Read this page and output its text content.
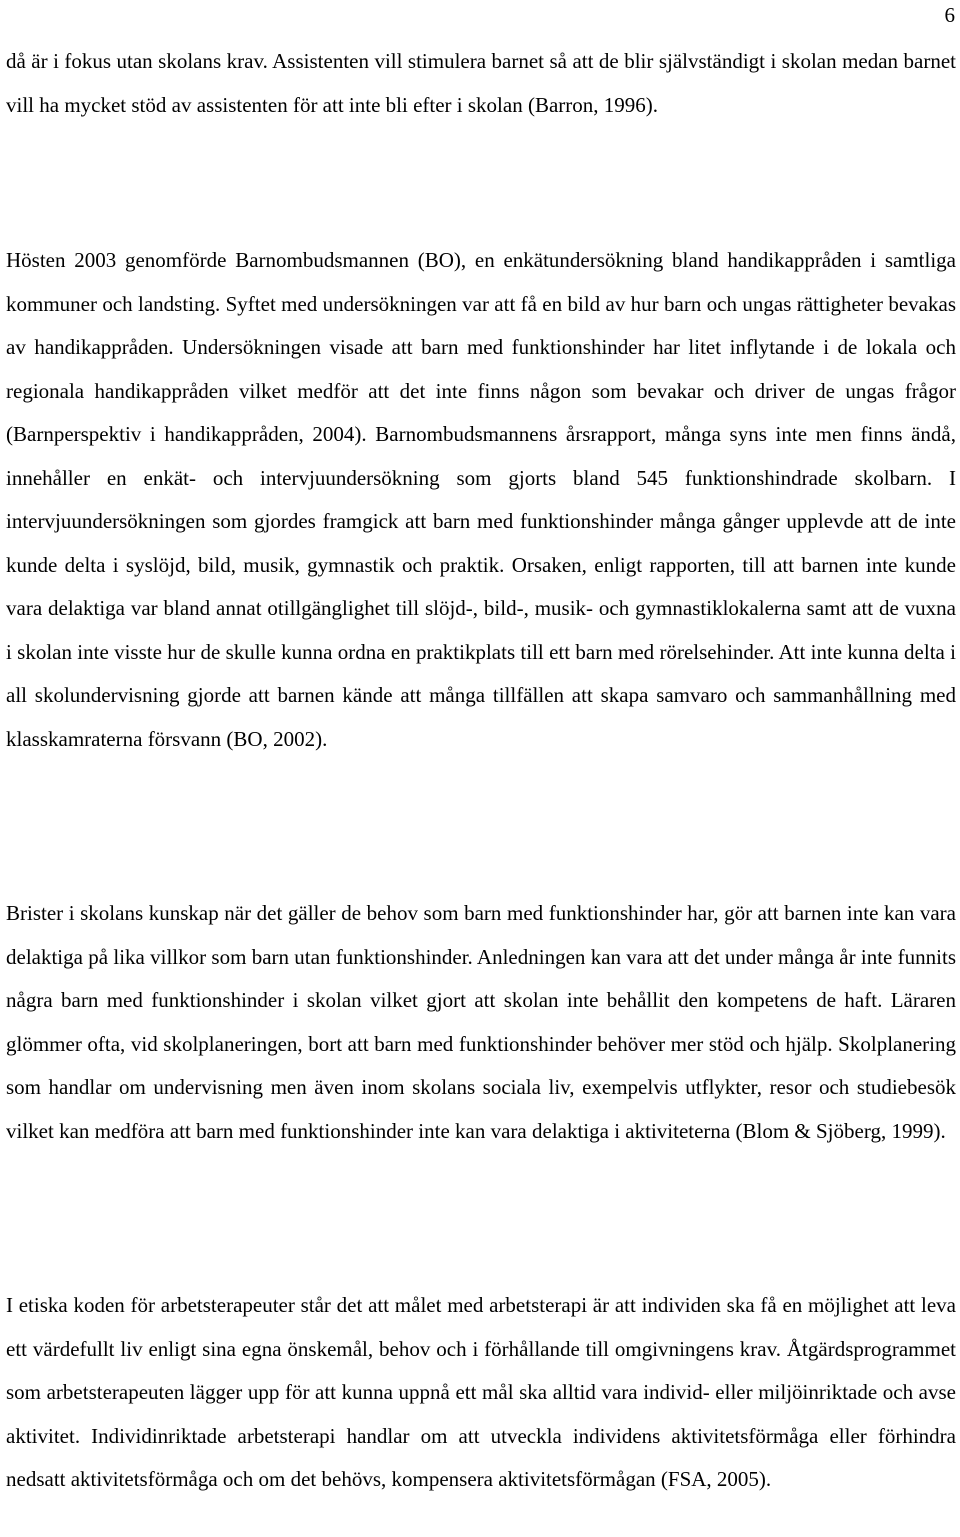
6

då är i fokus utan skolans krav. Assistenten vill stimulera barnet så att de blir självständigt i skolan medan barnet vill ha mycket stöd av assistenten för att inte bli efter i skolan (Barron, 1996).

Hösten 2003 genomförde Barnombudsmannen (BO), en enkätundersökning bland handikappråden i samtliga kommuner och landsting. Syftet med undersökningen var att få en bild av hur barn och ungas rättigheter bevakas av handikappråden. Undersökningen visade att barn med funktionshinder har litet inflytande i de lokala och regionala handikappråden vilket medför att det inte finns någon som bevakar och driver de ungas frågor (Barnperspektiv i handikappråden, 2004). Barnombudsmannens årsrapport, många syns inte men finns ändå, innehåller en enkät- och intervjuundersökning som gjorts bland 545 funktionshindrade skolbarn. I intervjuundersökningen som gjordes framgick att barn med funktionshinder många gånger upplevde att de inte kunde delta i syslöjd, bild, musik, gymnastik och praktik. Orsaken, enligt rapporten, till att barnen inte kunde vara delaktiga var bland annat otillgänglighet till slöjd-, bild-, musik- och gymnastiklokalerna samt att de vuxna i skolan inte visste hur de skulle kunna ordna en praktikplats till ett barn med rörelsehinder. Att inte kunna delta i all skolundervisning gjorde att barnen kände att många tillfällen att skapa samvaro och sammanhållning med klasskamraterna försvann (BO, 2002).

Brister i skolans kunskap när det gäller de behov som barn med funktionshinder har, gör att barnen inte kan vara delaktiga på lika villkor som barn utan funktionshinder. Anledningen kan vara att det under många år inte funnits några barn med funktionshinder i skolan vilket gjort att skolan inte behållit den kompetens de haft. Läraren glömmer ofta, vid skolplaneringen, bort att barn med funktionshinder behöver mer stöd och hjälp. Skolplanering som handlar om undervisning men även inom skolans sociala liv, exempelvis utflykter, resor och studiebesök vilket kan medföra att barn med funktionshinder inte kan vara delaktiga i aktiviteterna (Blom & Sjöberg, 1999).

I etiska koden för arbetsterapeuter står det att målet med arbetsterapi är att individen ska få en möjlighet att leva ett värdefullt liv enligt sina egna önskemål, behov och i förhållande till omgivningens krav. Åtgärdsprogrammet som arbetsterapeuten lägger upp för att kunna uppnå ett mål ska alltid vara individ- eller miljöinriktade och avse aktivitet. Individinriktade arbetsterapi handlar om att utveckla individens aktivitetsförmåga eller förhindra nedsatt aktivitetsförmåga och om det behövs, kompensera aktivitetsförmågan (FSA, 2005).
